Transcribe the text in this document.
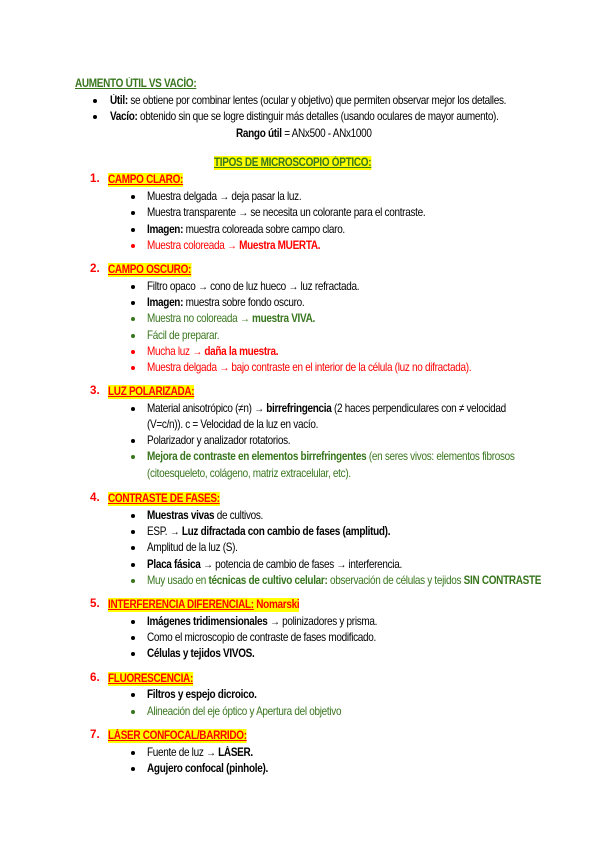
AUMENTO ÚTIL VS VACÍO:
Útil: se obtiene por combinar lentes (ocular y objetivo) que permiten observar mejor los detalles.
Vacío: obtenido sin que se logre distinguir más detalles (usando oculares de mayor aumento).
Rango útil = ANx500 - ANx1000
TIPOS DE MICROSCOPIO ÓPTICO:
1. CAMPO CLARO:
Muestra delgada → deja pasar la luz.
Muestra transparente → se necesita un colorante para el contraste.
Imagen: muestra coloreada sobre campo claro.
Muestra coloreada → Muestra MUERTA.
2. CAMPO OSCURO:
Filtro opaco → cono de luz hueco → luz refractada.
Imagen: muestra sobre fondo oscuro.
Muestra no coloreada → muestra VIVA.
Fácil de preparar.
Mucha luz → daña la muestra.
Muestra delgada → bajo contraste en el interior de la célula (luz no difractada).
3. LUZ POLARIZADA:
Material anisotrópico (≠n) → birrefringencia (2 haces perpendiculares con ≠ velocidad
(V=c/n)). c = Velocidad de la luz en vacío.
Polarizador y analizador rotatorios.
Mejora de contraste en elementos birrefringentes (en seres vivos: elementos fibrosos
(citoesqueleto, colágeno, matriz extracelular, etc).
4. CONTRASTE DE FASES:
Muestras vivas de cultivos.
ESP. → Luz difractada con cambio de fases (amplitud).
Amplitud de la luz (S).
Placa fásica → potencia de cambio de fases → interferencia.
Muy usado en técnicas de cultivo celular: observación de células y tejidos SIN CONTRASTE
5. INTERFERENCIA DIFERENCIAL: Nomarski
Imágenes tridimensionales → polinizadores y prisma.
Como el microscopio de contraste de fases modificado.
Células y tejidos VIVOS.
6. FLUORESCENCIA:
Filtros y espejo dicroico.
Alineación del eje óptico y Apertura del objetivo
7. LÁSER CONFOCAL/BARRIDO:
Fuente de luz → LÁSER.
Agujero confocal (pinhole).
